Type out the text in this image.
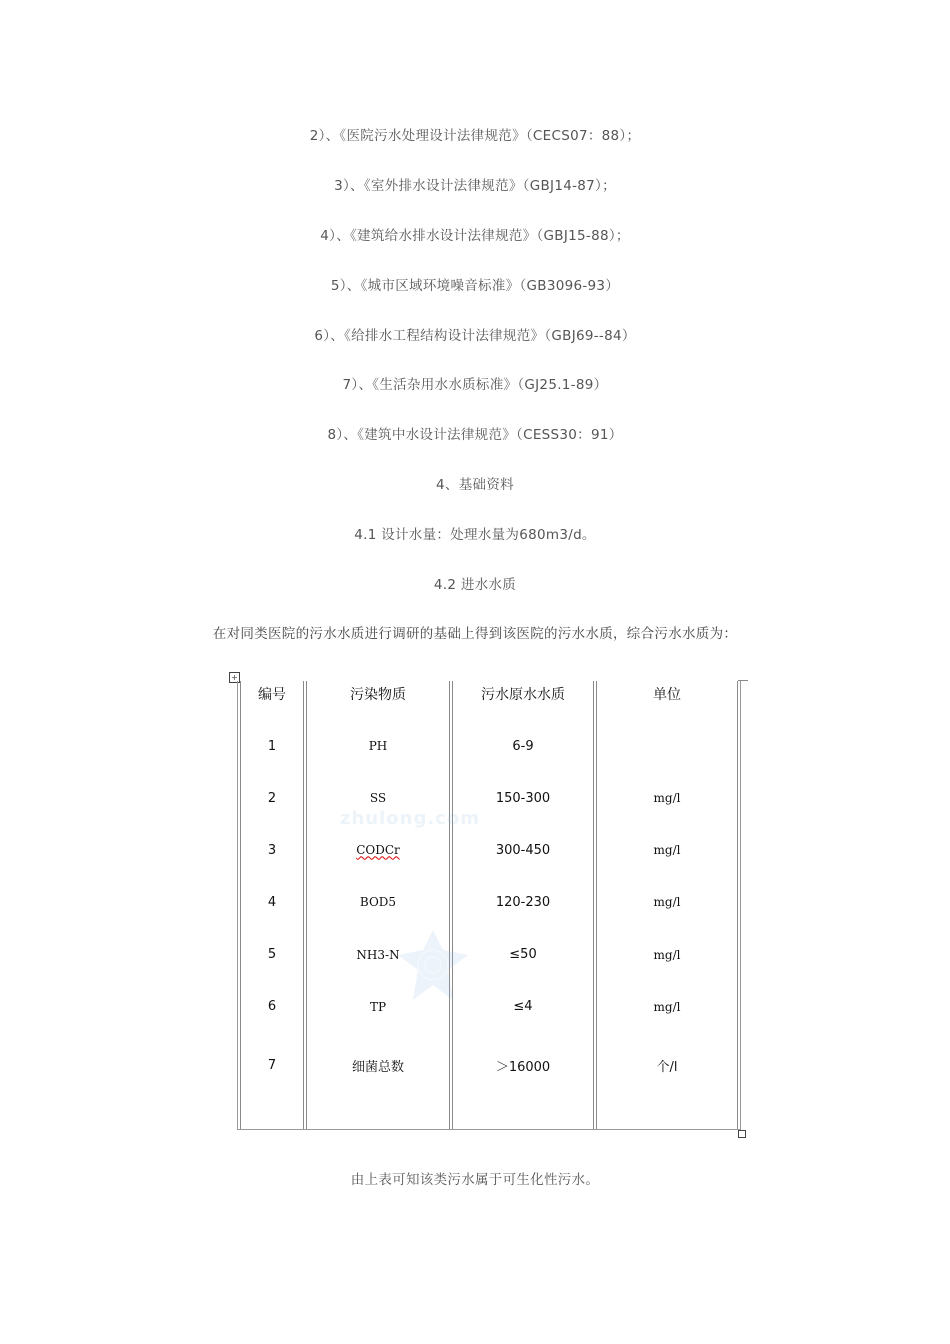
2）、《医院污水处理设计法律规范》（CECS07：88）；
3）、《室外排水设计法律规范》（GBJ14-87）；
4）、《建筑给水排水设计法律规范》（GBJ15-88）；
5）、《城市区域环境噪音标准》（GB3096-93）
6）、《给排水工程结构设计法律规范》（GBJ69--84）
7）、《生活杂用水水质标准》（GJ25.1-89）
8）、《建筑中水设计法律规范》（CESS30：91）
4、基础资料
4.1 设计水量：处理水量为680m3/d。
4.2 进水水质
在对同类医院的污水水质进行调研的基础上得到该医院的污水水质，综合污水水质为：
+
编号	污染物质	污水原水水质	单位
1	PH	6-9	
2	SS	150-300	mg/l
3	CODCr	300-450	mg/l
4	BOD5	120-230	mg/l
5	NH3-N	≤50	mg/l
6	TP	≤4	mg/l
7	细菌总数	＞16000	个/l

zhulong.com
由上表可知该类污水属于可生化性污水。
